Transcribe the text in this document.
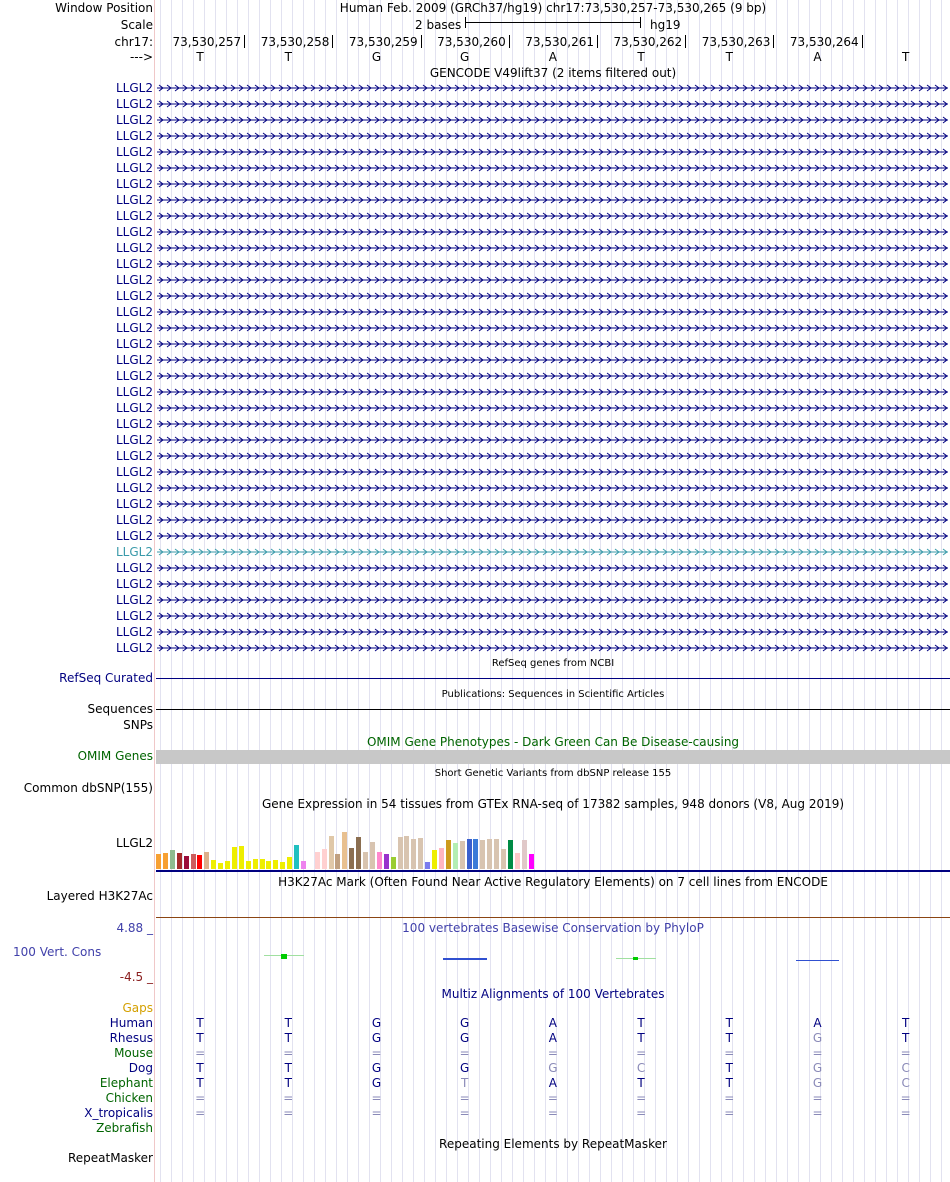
Window Position	Human Feb. 2009 (GRCh37/hg19) chr17:73,530,257-73,530,265 (9 bp)
Scale	2 bases	hg19
chr17: 73,530,257 73,530,258 73,530,259 73,530,260 73,530,261 73,530,262 73,530,263 73,530,264
--->	T	T	G	G	A	T	T	A	T
GENCODE V49lift37 (2 items filtered out)
LLGL2
LLGL2
LLGL2
LLGL2
LLGL2
LLGL2
LLGL2
LLGL2
LLGL2
LLGL2
LLGL2
LLGL2
LLGL2
LLGL2
LLGL2
LLGL2
LLGL2
LLGL2
LLGL2
LLGL2
LLGL2
LLGL2
LLGL2
LLGL2
LLGL2
LLGL2
LLGL2
LLGL2
LLGL2
LLGL2
LLGL2
LLGL2
LLGL2
LLGL2
LLGL2
LLGL2
RefSeq genes from NCBI
RefSeq Curated
Publications: Sequences in Scientific Articles
Sequences
SNPs
OMIM Gene Phenotypes - Dark Green Can Be Disease-causing
OMIM Genes
Short Genetic Variants from dbSNP release 155
Common dbSNP(155)
Gene Expression in 54 tissues from GTEx RNA-seq of 17382 samples, 948 donors (V8, Aug 2019)
LLGL2
H3K27Ac Mark (Often Found Near Active Regulatory Elements) on 7 cell lines from ENCODE
Layered H3K27Ac
4.88 _	100 vertebrates Basewise Conservation by PhyloP
100 Vert. Cons
-4.5 _
Multiz Alignments of 100 Vertebrates
Gaps
Human	T	T	G	G	A	T	T	A	T
Rhesus	T	T	G	G	A	T	T	G	T
Mouse	=	=	=	=	=	=	=	=	=
Dog	T	T	G	G	G	C	T	G	C
Elephant	T	T	G	T	A	T	T	G	C
Chicken	=	=	=	=	=	=	=	=	=
X_tropicalis	=	=	=	=	=	=	=	=	=
Zebrafish
Repeating Elements by RepeatMasker
RepeatMasker
